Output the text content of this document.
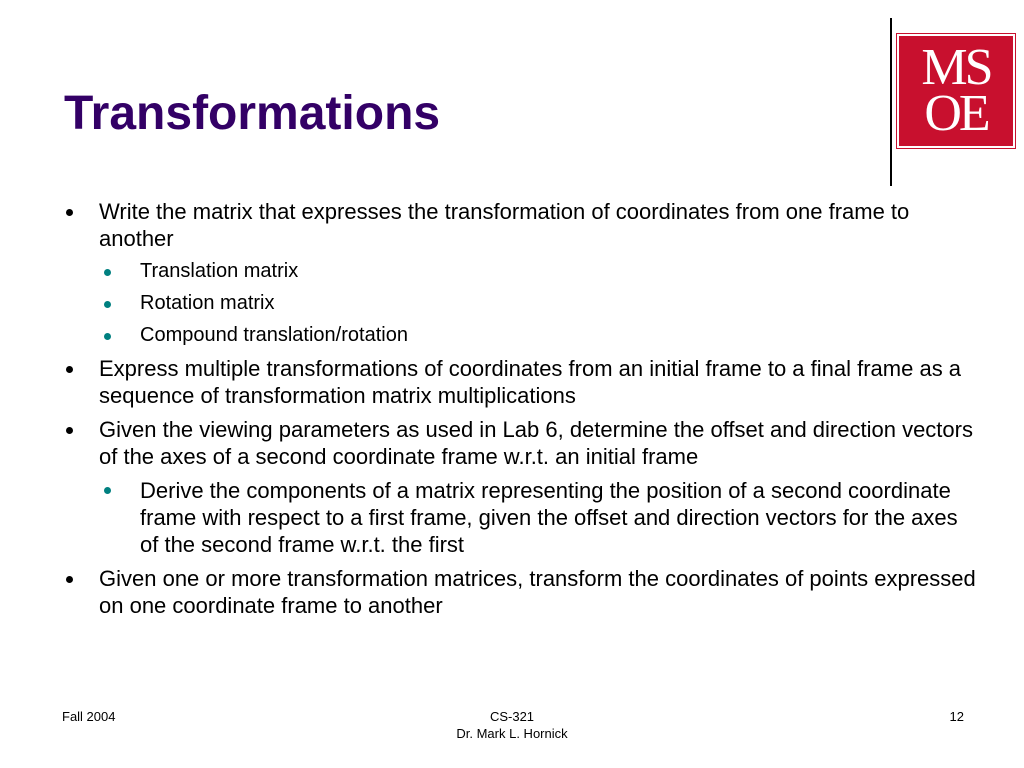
Transformations
MS
OE

Write the matrix that expresses the transformation of coordinates from one frame to another

Translation matrix

Rotation matrix

Compound translation/rotation

Express multiple transformations of coordinates from an initial frame to a final frame as a sequence of transformation matrix multiplications

Given the viewing parameters as used in Lab 6, determine the offset and direction vectors of the axes of a second coordinate frame w.r.t. an initial frame

Derive the components of a matrix representing the position of a second coordinate frame with respect to a first frame, given the offset and direction vectors for the axes of the second frame w.r.t. the first

Given one or more transformation matrices, transform the coordinates of points expressed on one coordinate frame to another

Fall 2004	CS-321
Dr. Mark L. Hornick
12
